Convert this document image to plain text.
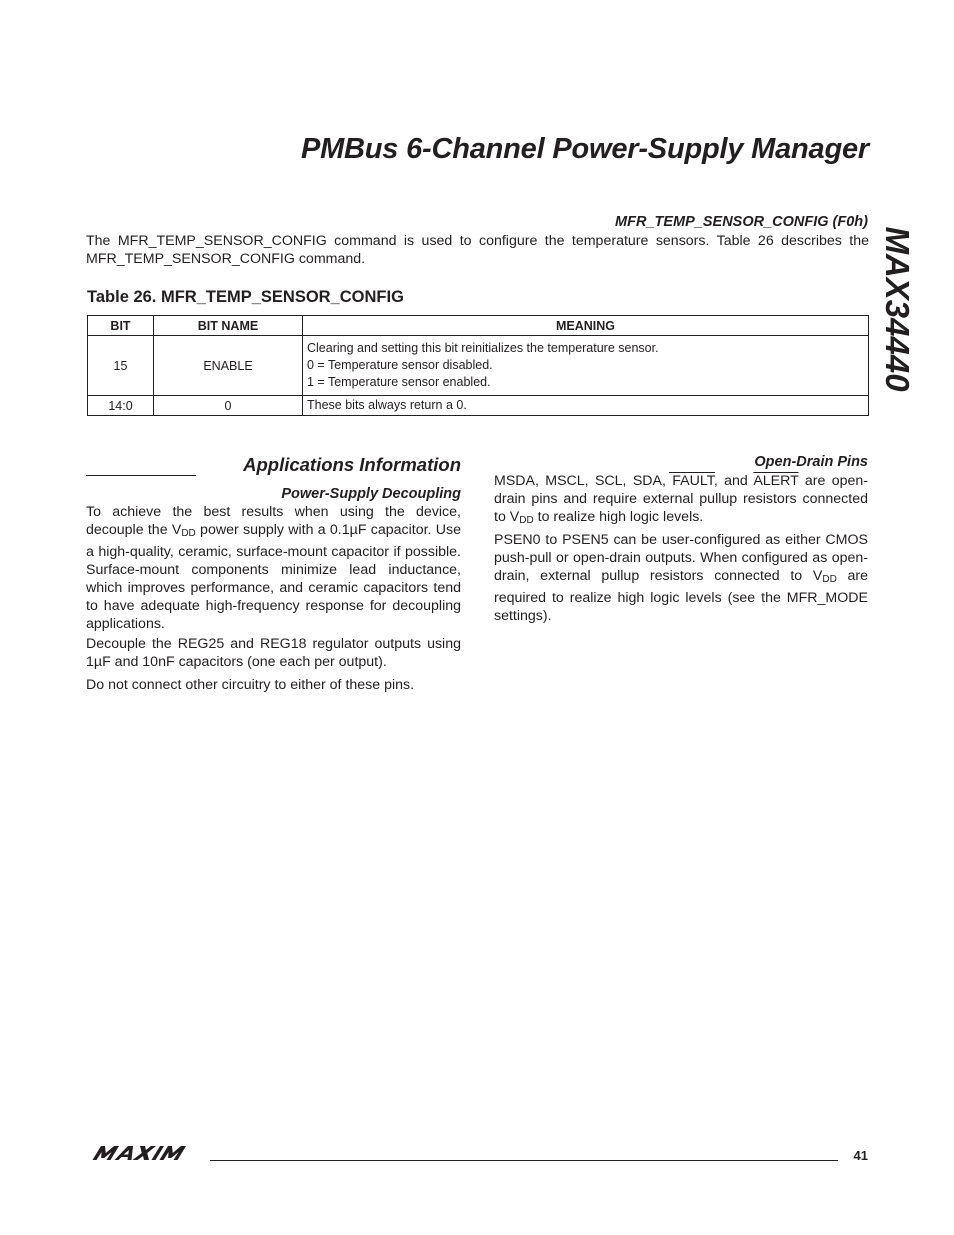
PMBus 6-Channel Power-Supply Manager
MAX34440
MFR_TEMP_SENSOR_CONFIG (F0h)
The MFR_TEMP_SENSOR_CONFIG command is used to configure the temperature sensors. Table 26 describes the MFR_TEMP_SENSOR_CONFIG command.
Table 26. MFR_TEMP_SENSOR_CONFIG
BIT	BIT NAME	MEANING
15	ENABLE	Clearing and setting this bit reinitializes the temperature sensor.
0 = Temperature sensor disabled.
1 = Temperature sensor enabled.

14:0	0	These bits always return a 0.
Applications Information
Power-Supply Decoupling
To achieve the best results when using the device, decouple the $V_{DD}$ power supply with a 0.1µF capacitor. Use a high-quality, ceramic, surface-mount capacitor if possible. Surface-mount components minimize lead inductance, which improves performance, and ceramic capacitors tend to have adequate high-frequency response for decoupling applications.
Decouple the REG25 and REG18 regulator outputs using 1µF and 10nF capacitors (one each per output).
Do not connect other circuitry to either of these pins.
Open-Drain Pins
MSDA, MSCL, SCL, SDA, FAULT, and ALERT are open-drain pins and require external pullup resistors connected to $V_{DD}$ to realize high logic levels.
PSEN0 to PSEN5 can be user-configured as either CMOS push-pull or open-drain outputs. When configured as open-drain, external pullup resistors connected to $V_{DD}$ are required to realize high logic levels (see the MFR_MODE settings).
41
